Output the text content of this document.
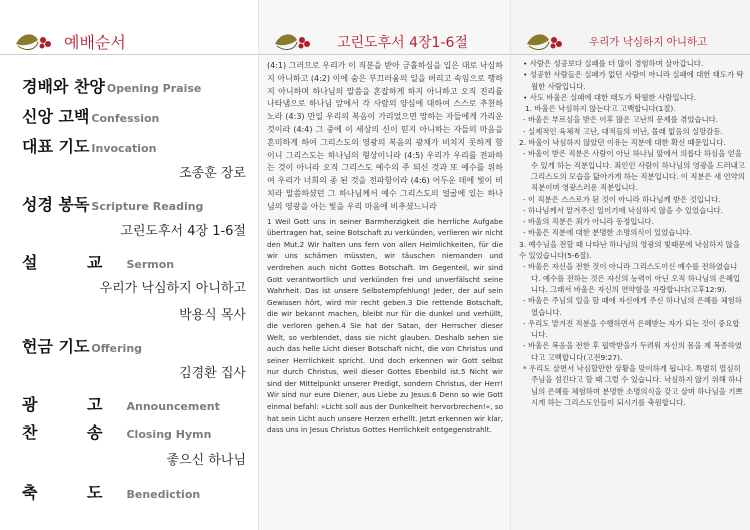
예배순서
경배와 찬양 Opening Praise
신앙 고백 Confession
대표 기도 Invocation
조종훈 장로
성경 봉독 Scripture Reading
고린도후서 4장 1-6절
설 교 Sermon
우리가 낙심하지 아니하고
박용식 목사
헌금 기도 Offering
김경환 집사
광 고 Announcement
찬 송 Closing Hymn
좋으신 하나님
축 도 Benediction
고린도후서 4장1-6절
(4:1) 그러므로 우리가 이 직분을 받아 긍휼하심을 입은 대로 낙심하지 아니하고 (4:2) 이에 숨은 부끄러움의 일을 버리고 속임으로 행하지 아니하며 하나님의 말씀을 혼잡하게 하지 아니하고 오직 진리를 나타냄으로 하나님 앞에서 각 사람의 양심에 대하여 스스로 추천하노라 (4:3) 만일 우리의 복음이 가리었으면 망하는 자들에게 가리운 것이라 (4:4) 그 중에 이 세상의 신이 믿지 아니하는 자들의 마음을 혼미하게 하여 그리스도의 영광의 복음의 광채가 비치지 못하게 함이니 그리스도는 하나님의 형상이니라 (4:5) 우리가 우리를 전파하는 것이 아니라 오직 그리스도 예수의 주 되신 것과 또 예수를 위하여 우리가 너희의 종 된 것을 전파함이라 (4:6) 어두운 데에 빛이 비치라 말씀하셨던 그 하나님께서 예수 그리스도의 얼굴에 있는 하나님의 영광을 아는 빛을 우리 마음에 비추셨느니라
1 Weil Gott uns in seiner Barmherzigkeit die herrliche Aufgabe übertragen hat, seine Botschaft zu verkünden, verlieren wir nicht den Mut.2 Wir halten uns fern von allen Heimlichkeiten, für die wir uns schämen müssten, wir täuschen niemanden und verdrehen auch nicht Gottes Botschaft. Im Gegenteil, wir sind Gott verantwortlich und verkünden frei und unverfälscht seine Wahrheit. Das ist unsere Selbstempfehlung! Jeder, der auf sein Gewissen hört, wird mir recht geben.3 Die rettende Botschaft, die wir bekannt machen, bleibt nur für die dunkel und verhüllt, die verloren gehen.4 Sie hat der Satan, der Herrscher dieser Welt, so verblendet, dass sie nicht glauben. Deshalb sehen sie auch das helle Licht dieser Botschaft nicht, die von Christus und seiner Herrlichkeit spricht. Und doch erkennen wir Gott selbst nur durch Christus, weil dieser Gottes Ebenbild ist.5 Nicht wir sind der Mittelpunkt unserer Predigt, sondern Christus, der Herr! Wir sind nur eure Diener, aus Liebe zu Jesus.6 Denn so wie Gott einmal befahl: »Licht soll aus der Dunkelheit hervorbrechen!«, so hat sein Licht auch unsere Herzen erhellt. Jetzt erkennen wir klar, dass uns in Jesus Christus Gottes Herrlichkeit entgegenstrahlt.
우리가 낙심하지 아니하고
• 사람은 성공보다 실패를 더 많이 경험하며 살아갑니다.
• 성공한 사람들은 실패가 없던 사람이 아니라 실패에 대한 태도가 탁월한 사람입니다.
• 사도 바울은 실패에 대한 태도가 탁월한 사람입니다.
1. 바울은 낙심하지 않는다고 고백합니다(1절).
- 바울은 부르심을 받은 이후 많은 고난의 문제를 겪었습니다.
- 실제적인 육체적 고난, 대적들의 비난, 몰래 없음의 실망감등.
2. 바울이 낙심하지 않았던 이유는 직분에 대한 확신 때문입니다.
- 바울이 받은 직분은 사람이 아닌 하나님 앞에서 의롭다 하심을 얻을 수 있게 하는 직분입니다. 죄인인 사람이 하나님의 영광을 드러내고 그리스도의 모습을 닮아가게 하는 직분입니다. 이 직분은 새 언약의 직분이며 영광스러운 직분입니다.
- 이 직분은 스스로가 된 것이 아니라 하나님께 받은 것입니다.
- 하나님께서 맡겨주신 일이기에 낙심하지 않을 수 있었습니다.
- 바울의 직분은 죄가 아니라 동정입니다.
- 바울은 직분에 대한 분명한 소명의식이 있었습니다.
3. 예수님을 전할 때 나타난 하나님의 영광의 빛때문에 낙심하지 않을 수 있었습니다(5-6절).
- 바울은 자신을 전한 것이 아니라 그리스도이신 예수를 전하였습니다. 예수를 전하는 것은 자신의 능력이 아닌 오직 하나님의 은혜입니다. 그래서 바울은 자신의 연약함을 자랑합니다(고후12:9).
- 바울은 주님의 일을 할 때에 자신에게 주신 하나님의 은혜를 체험하였습니다.
- 우리도 맡겨진 직분을 수행하면서 은혜받는 자가 되는 것이 중요합니다.
- 바울은 복음을 전한 후 핍박받을가 두려워 자신의 몸을 제 복종하였다고 고백합니다(고전9:27).
* 우리도 살면서 낙심할만한 상황을 맞이하게 됩니다. 특별히 열심히 주님을 섬긴다고 할 때 그럴 수 있습니다. 낙심하지 않기 위해 하나님의 은혜를 체험하며 분명한 소명의식을 갖고 살며 하나님을 기쁘시게 하는 그리스도인들이 되시기를 축원합니다.
